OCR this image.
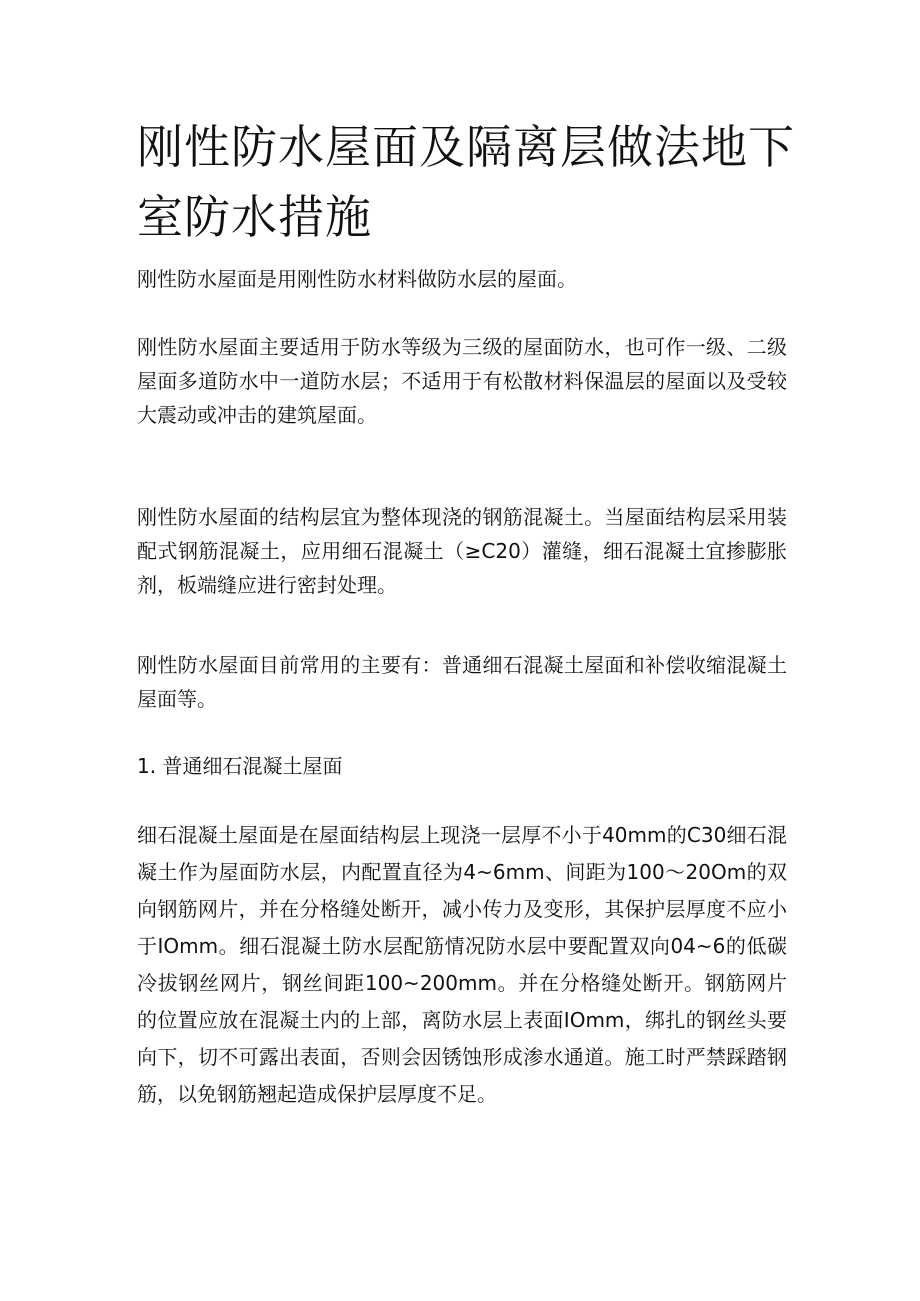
刚性防水屋面及隔离层做法地下室防水措施

刚性防水屋面是用刚性防水材料做防水层的屋面。

刚性防水屋面主要适用于防水等级为三级的屋面防水，也可作一级、二级屋面多道防水中一道防水层；不适用于有松散材料保温层的屋面以及受较大震动或冲击的建筑屋面。

刚性防水屋面的结构层宜为整体现浇的钢筋混凝土。当屋面结构层采用装配式钢筋混凝土，应用细石混凝土（≥C20）灌缝，细石混凝土宜掺膨胀剂，板端缝应进行密封处理。

刚性防水屋面目前常用的主要有：普通细石混凝土屋面和补偿收缩混凝土屋面等。

1. 普通细石混凝土屋面

细石混凝土屋面是在屋面结构层上现浇一层厚不小于40mm的C30细石混凝土作为屋面防水层，内配置直径为4~6mm、间距为100～20Om的双向钢筋网片，并在分格缝处断开，减小传力及变形，其保护层厚度不应小于IOmm。细石混凝土防水层配筋情况防水层中要配置双向04~6的低碳冷拔钢丝网片，钢丝间距100~200mm。并在分格缝处断开。钢筋网片的位置应放在混凝土内的上部，离防水层上表面IOmm，绑扎的钢丝头要向下，切不可露出表面，否则会因锈蚀形成渗水通道。施工时严禁踩踏钢筋，以免钢筋翘起造成保护层厚度不足。
